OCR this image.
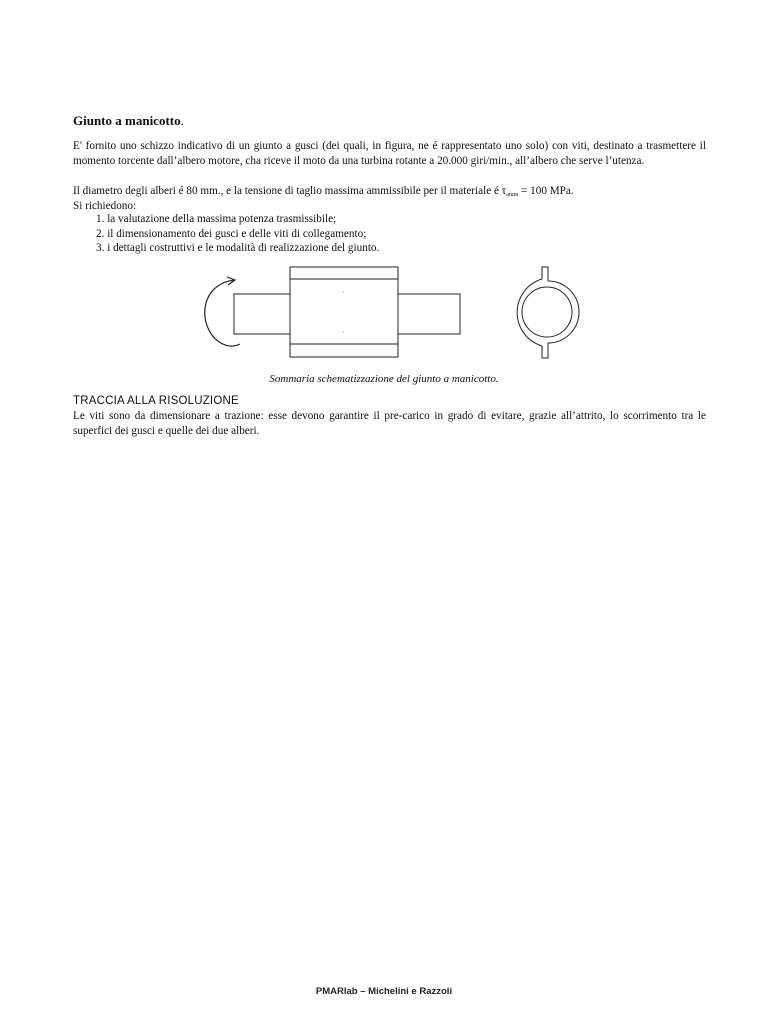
Giunto a manicotto.

E' fornito uno schizzo indicativo di un giunto a gusci (dei quali, in figura, ne é rappresentato uno solo) con viti, destinato a trasmettere il momento torcente dall’albero motore, cha riceve il moto da una turbina rotante a 20.000 giri/min., all’albero che serve l’utenza.

Il diametro degli alberi é 80 mm., e la tensione di taglio massima ammissibile per il materiale é $\tau_{amm} = 100$ MPa.

Si richiedono:

1. la valutazione della massima potenza trasmissibile;
2. il dimensionamento dei gusci e delle viti di collegamento;
3. i dettagli costruttivi e le modalità di realizzazione del giunto.

Sommaria schematizzazione del giunto a manicotto.

TRACCIA ALLA RISOLUZIONE

Le viti sono da dimensionare a trazione: esse devono garantire il pre-carico in grado di evitare, grazie all’attrito, lo scorrimento tra le superfici dei gusci e quelle dei due alberi.

PMARlab – Michelini e Razzoli
